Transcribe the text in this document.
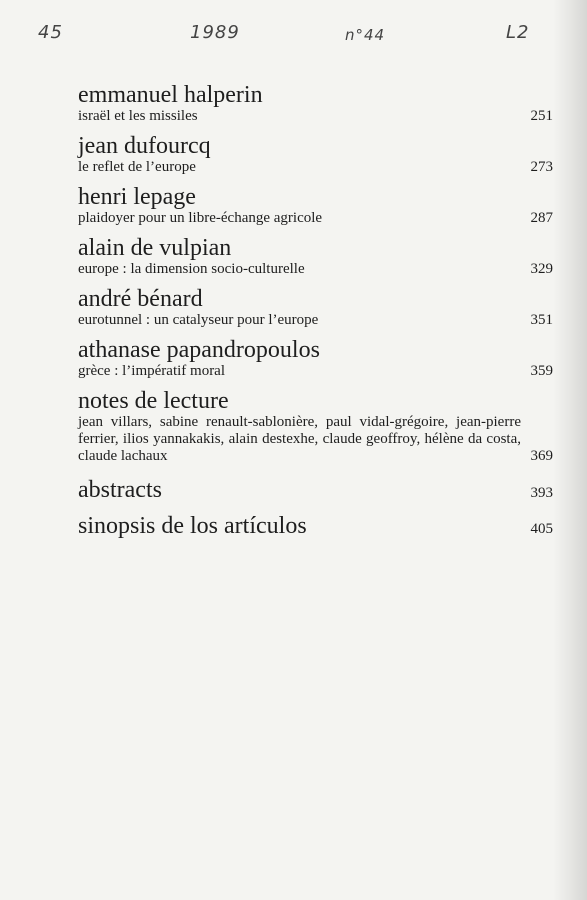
45	1989	n°44	L2
emmanuel halperin
israël et les missiles	251
jean dufourcq
le reflet de l’europe	273
henri lepage
plaidoyer pour un libre-échange agricole	287
alain de vulpian
europe : la dimension socio-culturelle	329
andré bénard
eurotunnel : un catalyseur pour l’europe	351
athanase papandropoulos
grèce : l’impératif moral	359
notes de lecture
jean villars, sabine renault-sablonière, paul vidal-grégoire, jean-pierre ferrier, ilios yannakakis, alain destexhe, claude geoffroy, hélène da costa, claude lachaux	369
abstracts	393
sinopsis de los artículos	405
